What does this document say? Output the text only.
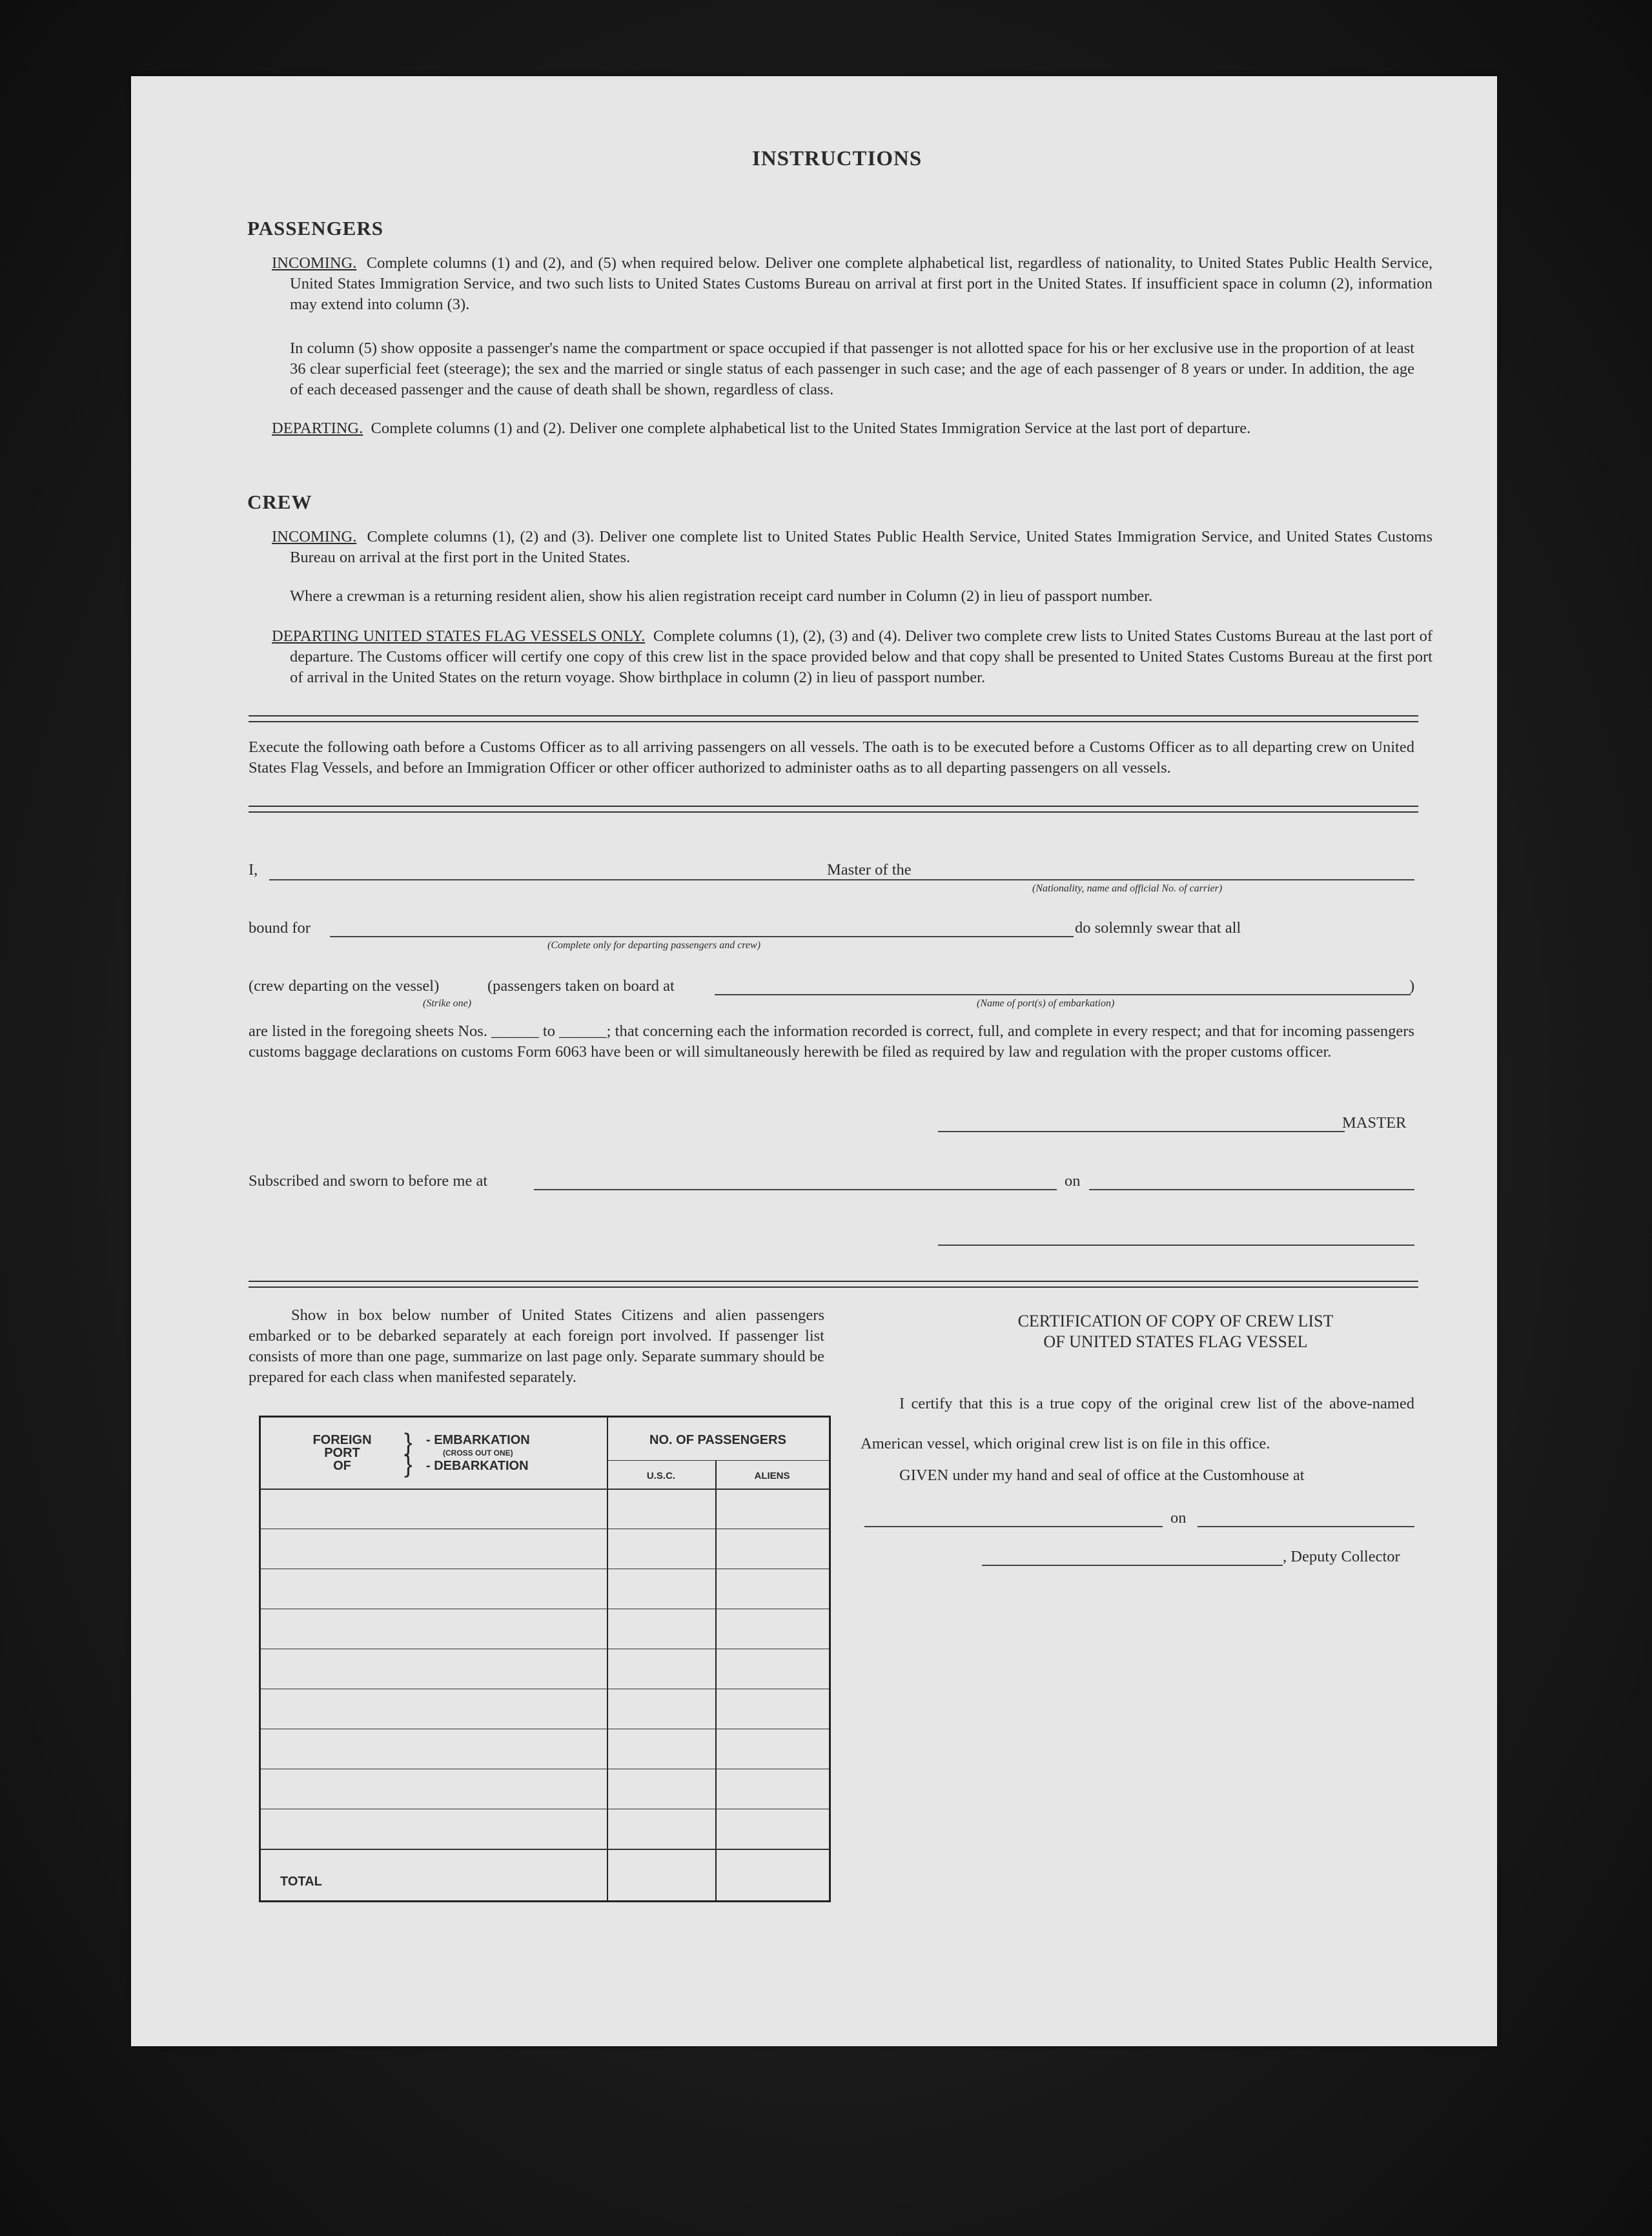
INSTRUCTIONS
PASSENGERS
INCOMING. Complete columns (1) and (2), and (5) when required below. Deliver one complete alphabetical list, regardless of nationality, to United States Public Health Service, United States Immigration Service, and two such lists to United States Customs Bureau on arrival at first port in the United States. If insufficient space in column (2), information may extend into column (3).
In column (5) show opposite a passenger's name the compartment or space occupied if that passenger is not allotted space for his or her exclusive use in the proportion of at least 36 clear superficial feet (steerage); the sex and the married or single status of each passenger in such case; and the age of each passenger of 8 years or under. In addition, the age of each deceased passenger and the cause of death shall be shown, regardless of class.
DEPARTING. Complete columns (1) and (2). Deliver one complete alphabetical list to the United States Immigration Service at the last port of departure.
CREW
INCOMING. Complete columns (1), (2) and (3). Deliver one complete list to United States Public Health Service, United States Immigration Service, and United States Customs Bureau on arrival at the first port in the United States.
Where a crewman is a returning resident alien, show his alien registration receipt card number in Column (2) in lieu of passport number.
DEPARTING UNITED STATES FLAG VESSELS ONLY. Complete columns (1), (2), (3) and (4). Deliver two complete crew lists to United States Customs Bureau at the last port of departure. The Customs officer will certify one copy of this crew list in the space provided below and that copy shall be presented to United States Customs Bureau at the first port of arrival in the United States on the return voyage. Show birthplace in column (2) in lieu of passport number.
Execute the following oath before a Customs Officer as to all arriving passengers on all vessels. The oath is to be executed before a Customs Officer as to all departing crew on United States Flag Vessels, and before an Immigration Officer or other officer authorized to administer oaths as to all departing passengers on all vessels.
I,	Master of the
(Nationality, name and official No. of carrier)
bound for
(Complete only for departing passengers and crew)
do solemnly swear that all
(crew departing on the vessel)	(passengers taken on board at	)
(Strike one)	(Name of port(s) of embarkation)
are listed in the foregoing sheets Nos. ______ to ______; that concerning each the information recorded is correct, full, and complete in every respect; and that for incoming passengers customs baggage declarations on customs Form 6063 have been or will simultaneously herewith be filed as required by law and regulation with the proper customs officer.
MASTER
Subscribed and sworn to before me at	on
Show in box below number of United States Citizens and alien passengers embarked or to be debarked separately at each foreign port involved. If passenger list consists of more than one page, summarize on last page only. Separate summary should be prepared for each class when manifested separately.
FOREIGN
PORT
OF
}
}
- EMBARKATION
(CROSS OUT ONE)
- DEBARKATION
NO. OF PASSENGERS
U.S.C.	ALIENS
TOTAL
CERTIFICATION OF COPY OF CREW LIST
OF UNITED STATES FLAG VESSEL
I certify that this is a true copy of the original crew list of the above-named American vessel, which original crew list is on file in this office.
GIVEN under my hand and seal of office at the Customhouse at
on
, Deputy Collector
